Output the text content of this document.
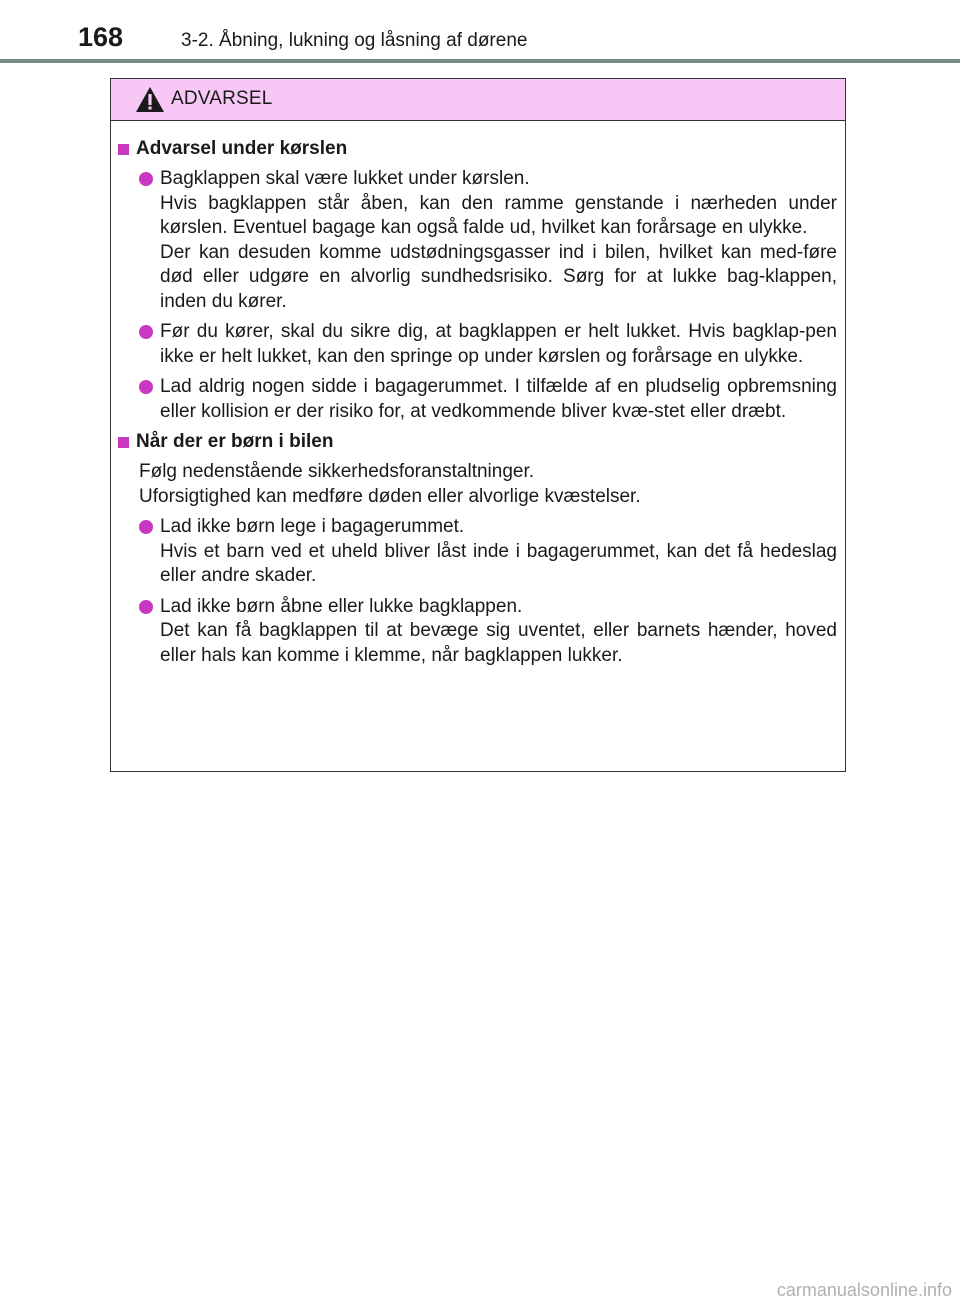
168	3-2. Åbning, lukning og låsning af dørene
ADVARSEL
Advarsel under kørslen
Bagklappen skal være lukket under kørslen.
Hvis bagklappen står åben, kan den ramme genstande i nærheden under kørslen. Eventuel bagage kan også falde ud, hvilket kan forårsage en ulykke.
Der kan desuden komme udstødningsgasser ind i bilen, hvilket kan med-føre død eller udgøre en alvorlig sundhedsrisiko. Sørg for at lukke bag-klappen, inden du kører.
Før du kører, skal du sikre dig, at bagklappen er helt lukket. Hvis bagklap-pen ikke er helt lukket, kan den springe op under kørslen og forårsage en ulykke.
Lad aldrig nogen sidde i bagagerummet. I tilfælde af en pludselig opbremsning eller kollision er der risiko for, at vedkommende bliver kvæ-stet eller dræbt.
Når der er børn i bilen
Følg nedenstående sikkerhedsforanstaltninger.
Uforsigtighed kan medføre døden eller alvorlige kvæstelser.
Lad ikke børn lege i bagagerummet.
Hvis et barn ved et uheld bliver låst inde i bagagerummet, kan det få hedeslag eller andre skader.
Lad ikke børn åbne eller lukke bagklappen.
Det kan få bagklappen til at bevæge sig uventet, eller barnets hænder, hoved eller hals kan komme i klemme, når bagklappen lukker.
carmanualsonline.info
